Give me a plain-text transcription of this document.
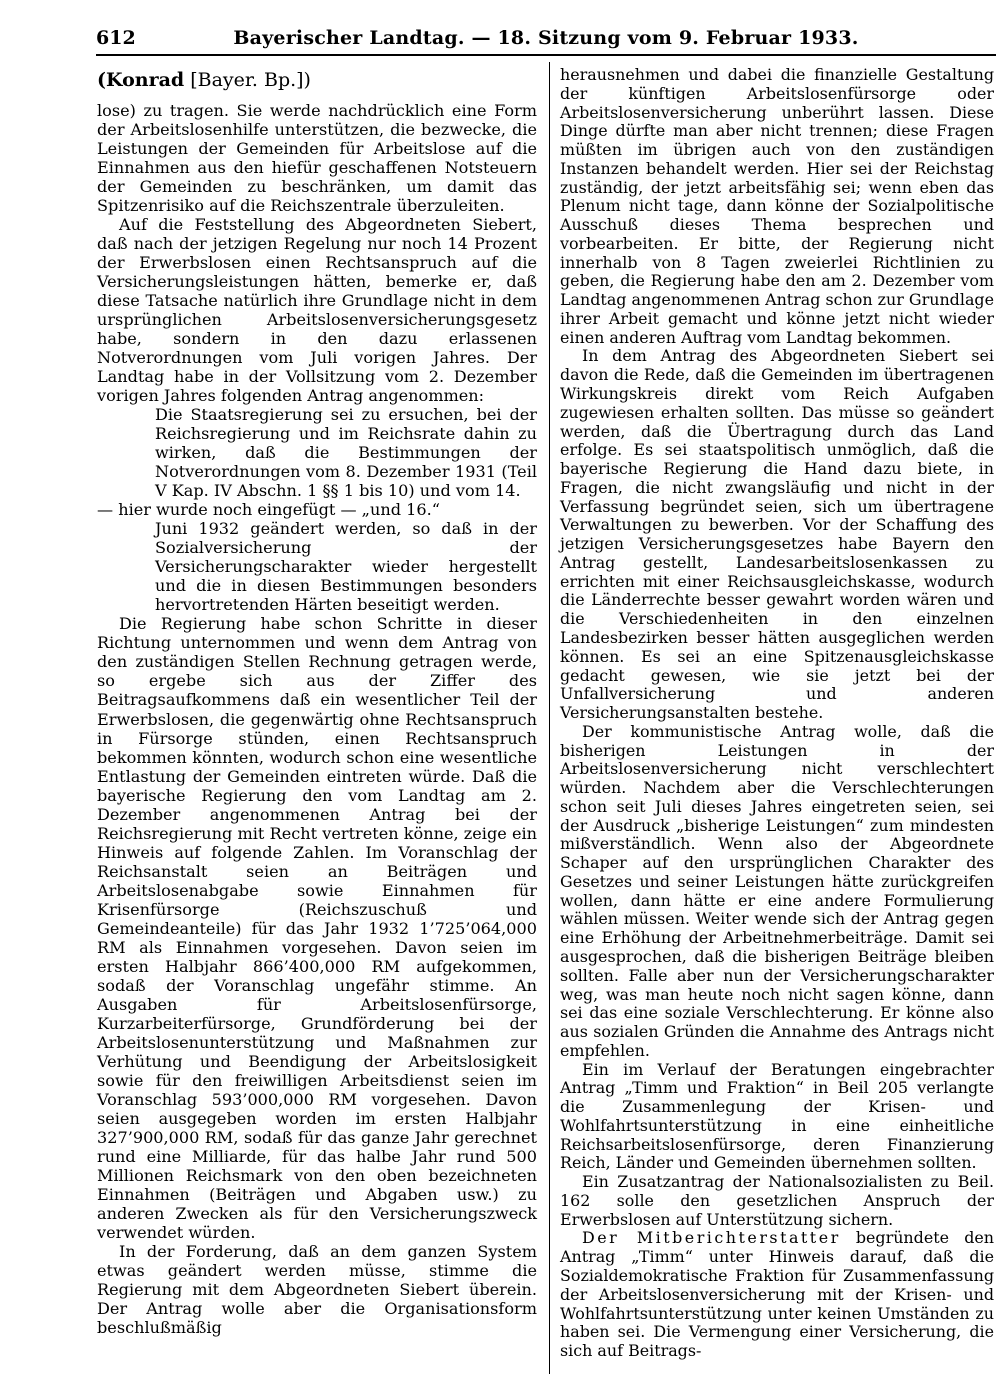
612	Bayerischer Landtag. — 18. Sitzung vom 9. Februar 1933.

(Konrad [Bayer. Bp.])

lose) zu tragen. Sie werde nachdrücklich eine Form der Arbeitslosenhilfe unterstützen, die bezwecke, die Leistungen der Gemeinden für Arbeitslose auf die Einnahmen aus den hiefür geschaffenen Notsteuern der Gemeinden zu beschränken, um damit das Spitzenrisiko auf die Reichszentrale überzuleiten.

Auf die Feststellung des Abgeordneten Siebert, daß nach der jetzigen Regelung nur noch 14 Prozent der Erwerbslosen einen Rechtsanspruch auf die Versicherungsleistungen hätten, bemerke er, daß diese Tatsache natürlich ihre Grundlage nicht in dem ursprünglichen Arbeitslosenversicherungsgesetz habe, sondern in den dazu erlassenen Notverordnungen vom Juli vorigen Jahres. Der Landtag habe in der Vollsitzung vom 2. Dezember vorigen Jahres folgenden Antrag angenommen:

Die Staatsregierung sei zu ersuchen, bei der Reichsregierung und im Reichsrate dahin zu wirken, daß die Bestimmungen der Notverordnungen vom 8. Dezember 1931 (Teil V Kap. IV Abschn. 1 §§ 1 bis 10) und vom 14.

— hier wurde noch eingefügt — „und 16.“

Juni 1932 geändert werden, so daß in der Sozialversicherung der Versicherungscharakter wieder hergestellt und die in diesen Bestimmungen besonders hervortretenden Härten beseitigt werden.

Die Regierung habe schon Schritte in dieser Richtung unternommen und wenn dem Antrag von den zuständigen Stellen Rechnung getragen werde, so ergebe sich aus der Ziffer des Beitragsaufkommens daß ein wesentlicher Teil der Erwerbslosen, die gegenwärtig ohne Rechtsanspruch in Fürsorge stünden, einen Rechtsanspruch bekommen könnten, wodurch schon eine wesentliche Entlastung der Gemeinden eintreten würde. Daß die bayerische Regierung den vom Landtag am 2. Dezember angenommenen Antrag bei der Reichsregierung mit Recht vertreten könne, zeige ein Hinweis auf folgende Zahlen. Im Voranschlag der Reichsanstalt seien an Beiträgen und Arbeitslosenabgabe sowie Einnahmen für Krisenfürsorge (Reichszuschuß und Gemeindeanteile) für das Jahr 1932 1’725’064,000 RM als Einnahmen vorgesehen. Davon seien im ersten Halbjahr 866’400,000 RM aufgekommen, sodaß der Voranschlag ungefähr stimme. An Ausgaben für Arbeitslosenfürsorge, Kurzarbeiterfürsorge, Grundförderung bei der Arbeitslosenunterstützung und Maßnahmen zur Verhütung und Beendigung der Arbeitslosigkeit sowie für den freiwilligen Arbeitsdienst seien im Voranschlag 593’000,000 RM vorgesehen. Davon seien ausgegeben worden im ersten Halbjahr 327’900,000 RM, sodaß für das ganze Jahr gerechnet rund eine Milliarde, für das halbe Jahr rund 500 Millionen Reichsmark von den oben bezeichneten Einnahmen (Beiträgen und Abgaben usw.) zu anderen Zwecken als für den Versicherungszweck verwendet würden.

In der Forderung, daß an dem ganzen System etwas geändert werden müsse, stimme die Regierung mit dem Abgeordneten Siebert überein. Der Antrag wolle aber die Organisationsform beschlußmäßig

herausnehmen und dabei die finanzielle Gestaltung der künftigen Arbeitslosenfürsorge oder Arbeitslosenversicherung unberührt lassen. Diese Dinge dürfte man aber nicht trennen; diese Fragen müßten im übrigen auch von den zuständigen Instanzen behandelt werden. Hier sei der Reichstag zuständig, der jetzt arbeitsfähig sei; wenn eben das Plenum nicht tage, dann könne der Sozialpolitische Ausschuß dieses Thema besprechen und vorbearbeiten. Er bitte, der Regierung nicht innerhalb von 8 Tagen zweierlei Richtlinien zu geben, die Regierung habe den am 2. Dezember vom Landtag angenommenen Antrag schon zur Grundlage ihrer Arbeit gemacht und könne jetzt nicht wieder einen anderen Auftrag vom Landtag bekommen.

In dem Antrag des Abgeordneten Siebert sei davon die Rede, daß die Gemeinden im übertragenen Wirkungskreis direkt vom Reich Aufgaben zugewiesen erhalten sollten. Das müsse so geändert werden, daß die Übertragung durch das Land erfolge. Es sei staatspolitisch unmöglich, daß die bayerische Regierung die Hand dazu biete, in Fragen, die nicht zwangsläufig und nicht in der Verfassung begründet seien, sich um übertragene Verwaltungen zu bewerben. Vor der Schaffung des jetzigen Versicherungsgesetzes habe Bayern den Antrag gestellt, Landesarbeitslosenkassen zu errichten mit einer Reichsausgleichskasse, wodurch die Länderrechte besser gewahrt worden wären und die Verschiedenheiten in den einzelnen Landesbezirken besser hätten ausgeglichen werden können. Es sei an eine Spitzenausgleichskasse gedacht gewesen, wie sie jetzt bei der Unfallversicherung und anderen Versicherungsanstalten bestehe.

Der kommunistische Antrag wolle, daß die bisherigen Leistungen in der Arbeitslosenversicherung nicht verschlechtert würden. Nachdem aber die Verschlechterungen schon seit Juli dieses Jahres eingetreten seien, sei der Ausdruck „bisherige Leistungen“ zum mindesten mißverständlich. Wenn also der Abgeordnete Schaper auf den ursprünglichen Charakter des Gesetzes und seiner Leistungen hätte zurückgreifen wollen, dann hätte er eine andere Formulierung wählen müssen. Weiter wende sich der Antrag gegen eine Erhöhung der Arbeitnehmerbeiträge. Damit sei ausgesprochen, daß die bisherigen Beiträge bleiben sollten. Falle aber nun der Versicherungscharakter weg, was man heute noch nicht sagen könne, dann sei das eine soziale Verschlechterung. Er könne also aus sozialen Gründen die Annahme des Antrags nicht empfehlen.

Ein im Verlauf der Beratungen eingebrachter Antrag „Timm und Fraktion“ in Beil 205 verlangte die Zusammenlegung der Krisen- und Wohlfahrtsunterstützung in eine einheitliche Reichsarbeitslosenfürsorge, deren Finanzierung Reich, Länder und Gemeinden übernehmen sollten.

Ein Zusatzantrag der Nationalsozialisten zu Beil. 162 solle den gesetzlichen Anspruch der Erwerbslosen auf Unterstützung sichern.

Der Mitberichterstatter begründete den Antrag „Timm“ unter Hinweis darauf, daß die Sozialdemokratische Fraktion für Zusammenfassung der Arbeitslosenversicherung mit der Krisen- und Wohlfahrtsunterstützung unter keinen Umständen zu haben sei. Die Vermengung einer Versicherung, die sich auf Beitrags-
